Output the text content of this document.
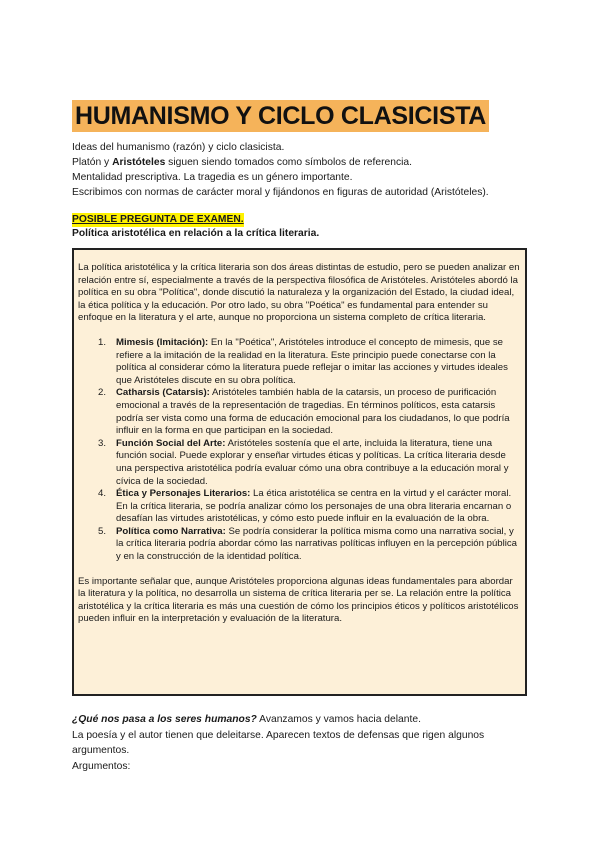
HUMANISMO Y CICLO CLASICISTA

Ideas del humanismo (razón) y ciclo clasicista.

Platón y Aristóteles siguen siendo tomados como símbolos de referencia.

Mentalidad prescriptiva. La tragedia es un género importante.

Escribimos con normas de carácter moral y fijándonos en figuras de autoridad (Aristóteles).

POSIBLE PREGUNTA DE EXAMEN.
Política aristotélica en relación a la crítica literaria.

La política aristotélica y la crítica literaria son dos áreas distintas de estudio, pero se pueden analizar en relación entre sí, especialmente a través de la perspectiva filosófica de Aristóteles. Aristóteles abordó la política en su obra "Política", donde discutió la naturaleza y la organización del Estado, la ciudad ideal, la ética política y la educación. Por otro lado, su obra "Poética" es fundamental para entender su enfoque en la literatura y el arte, aunque no proporciona un sistema completo de crítica literaria.

1. Mimesis (Imitación): En la "Poética", Aristóteles introduce el concepto de mimesis, que se refiere a la imitación de la realidad en la literatura. Este principio puede conectarse con la política al considerar cómo la literatura puede reflejar o imitar las acciones y virtudes ideales que Aristóteles discute en su obra política.
2. Catharsis (Catarsis): Aristóteles también habla de la catarsis, un proceso de purificación emocional a través de la representación de tragedias. En términos políticos, esta catarsis podría ser vista como una forma de educación emocional para los ciudadanos, lo que podría influir en la forma en que participan en la sociedad.
3. Función Social del Arte: Aristóteles sostenía que el arte, incluida la literatura, tiene una función social. Puede explorar y enseñar virtudes éticas y políticas. La crítica literaria desde una perspectiva aristotélica podría evaluar cómo una obra contribuye a la educación moral y cívica de la sociedad.
4. Ética y Personajes Literarios: La ética aristotélica se centra en la virtud y el carácter moral. En la crítica literaria, se podría analizar cómo los personajes de una obra literaria encarnan o desafían las virtudes aristotélicas, y cómo esto puede influir en la evaluación de la obra.
5. Política como Narrativa: Se podría considerar la política misma como una narrativa social, y la crítica literaria podría abordar cómo las narrativas políticas influyen en la percepción pública y en la construcción de la identidad política.

Es importante señalar que, aunque Aristóteles proporciona algunas ideas fundamentales para abordar la literatura y la política, no desarrolla un sistema de crítica literaria per se. La relación entre la política aristotélica y la crítica literaria es más una cuestión de cómo los principios éticos y políticos aristotélicos pueden influir en la interpretación y evaluación de la literatura.

¿Qué nos pasa a los seres humanos? Avanzamos y vamos hacia delante.

La poesía y el autor tienen que deleitarse. Aparecen textos de defensas que rigen algunos argumentos.

Argumentos:
